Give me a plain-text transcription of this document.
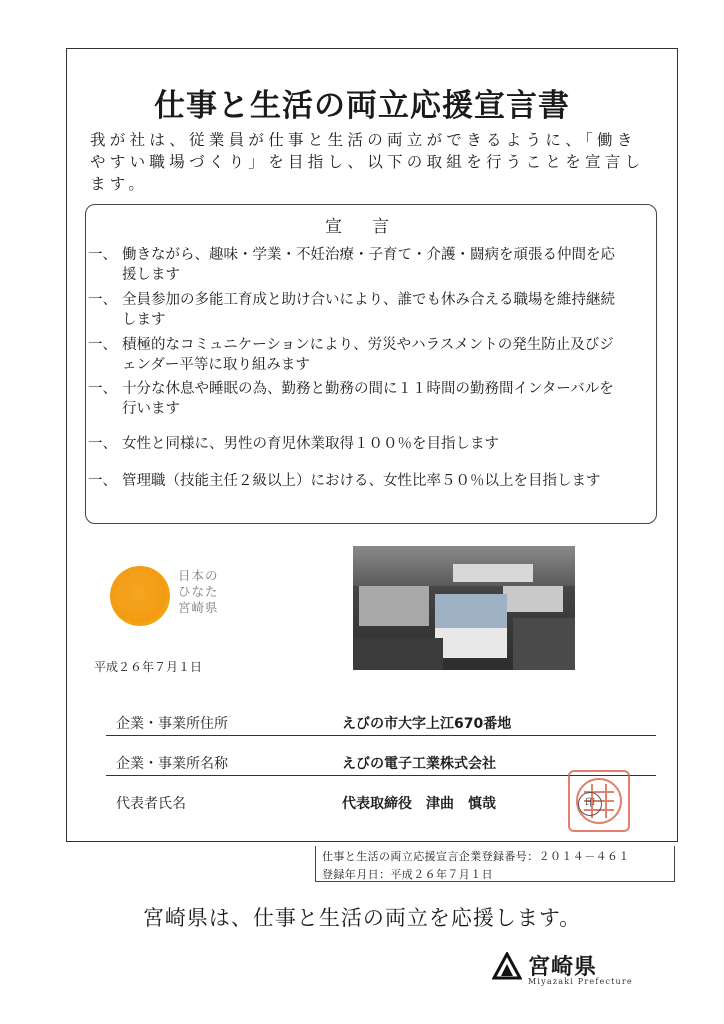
仕事と生活の両立応援宣言書
我が社は、従業員が仕事と生活の両立ができるように、「働きやすい職場づくり」を目指し、以下の取組を行うことを宣言します。
宣言
一、 働きながら、趣味・学業・不妊治療・子育て・介護・闘病を頑張る仲間を応援します
一、 全員参加の多能工育成と助け合いにより、誰でも休み合える職場を維持継続します
一、 積極的なコミュニケーションにより、労災やハラスメントの発生防止及びジェンダー平等に取り組みます
一、 十分な休息や睡眠の為、勤務と勤務の間に１１時間の勤務間インターバルを行います
一、 女性と同様に、男性の育児休業取得１００％を目指します
一、 管理職（技能主任２級以上）における、女性比率５０％以上を目指します
日本の
ひなた
宮崎県
平成２６年７月１日
企業・事業所住所	えびの市大字上江670番地
企業・事業所名称	えびの電子工業株式会社
代表者氏名	代表取締役　津曲　慎哉	印
仕事と生活の両立応援宣言企業登録番号：２０１４－４６１
登録年月日：平成２６年７月１日
宮崎県は、仕事と生活の両立を応援します。
宮崎県
Miyazaki Prefecture
